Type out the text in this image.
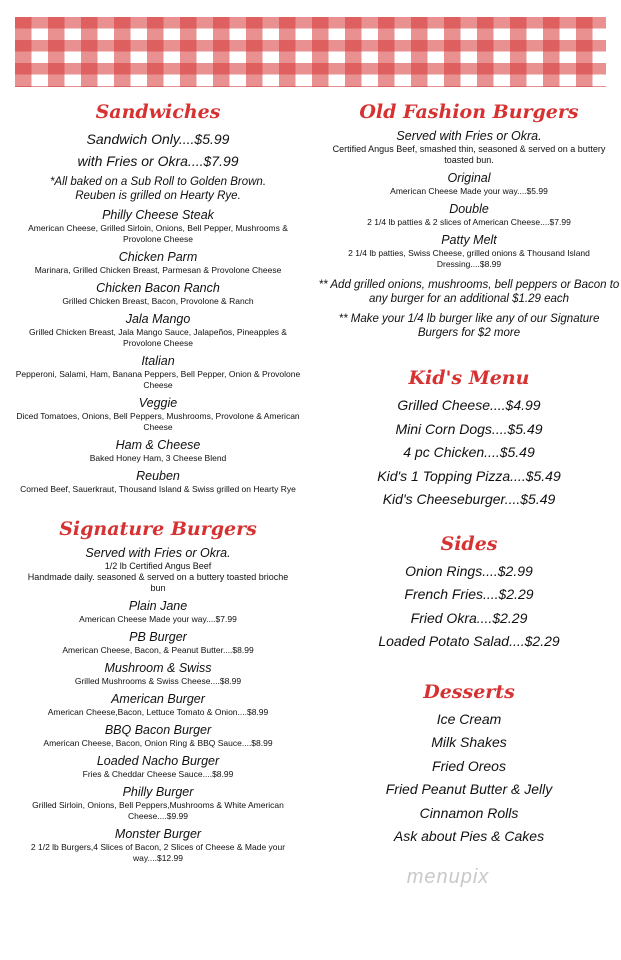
Sandwiches
Sandwich Only....$5.99
with Fries or Okra....$7.99
*All baked on a Sub Roll to Golden Brown.
Reuben is grilled on Hearty Rye.
Philly Cheese Steak
American Cheese, Grilled Sirloin, Onions, Bell Pepper, Mushrooms & Provolone Cheese
Chicken Parm
Marinara, Grilled Chicken Breast, Parmesan & Provolone Cheese
Chicken Bacon Ranch
Grilled Chicken Breast, Bacon, Provolone & Ranch
Jala Mango
Grilled Chicken Breast, Jala Mango Sauce, Jalapeños, Pineapples & Provolone Cheese
Italian
Pepperoni, Salami, Ham, Banana Peppers, Bell Pepper, Onion & Provolone Cheese
Veggie
Diced Tomatoes, Onions, Bell Peppers, Mushrooms, Provolone & American Cheese
Ham & Cheese
Baked Honey Ham, 3 Cheese Blend
Reuben
Corned Beef, Sauerkraut, Thousand Island & Swiss grilled on Hearty Rye
Signature Burgers
Served with Fries or Okra.
1/2 lb Certified Angus Beef
Handmade daily. seasoned & served on a buttery toasted brioche bun
Plain Jane
American Cheese Made your way....$7.99
PB Burger
American Cheese, Bacon, & Peanut Butter....$8.99
Mushroom & Swiss
Grilled Mushrooms & Swiss Cheese....$8.99
American Burger
American Cheese,Bacon, Lettuce Tomato & Onion....$8.99
BBQ Bacon Burger
American Cheese, Bacon, Onion Ring & BBQ Sauce....$8.99
Loaded Nacho Burger
Fries & Cheddar Cheese Sauce....$8.99
Philly Burger
Grilled Sirloin, Onions, Bell Peppers,Mushrooms & White American Cheese....$9.99
Monster Burger
2 1/2 lb Burgers,4 Slices of Bacon, 2 Slices of Cheese & Made your way....$12.99
Old Fashion Burgers
Served with Fries or Okra.
Certified Angus Beef, smashed thin, seasoned & served on a buttery toasted bun.
Original
American Cheese Made your way....$5.99
Double
2 1/4 lb patties & 2 slices of American Cheese....$7.99
Patty Melt
2 1/4 lb patties, Swiss Cheese, grilled onions & Thousand Island Dressing....$8.99
** Add grilled onions, mushrooms, bell peppers or Bacon to any burger for an additional $1.29 each
** Make your 1/4 lb burger like any of our Signature Burgers for $2 more
Kid's Menu
Grilled Cheese....$4.99
Mini Corn Dogs....$5.49
4 pc Chicken....$5.49
Kid's 1 Topping Pizza....$5.49
Kid's Cheeseburger....$5.49
Sides
Onion Rings....$2.99
French Fries....$2.29
Fried Okra....$2.29
Loaded Potato Salad....$2.29
Desserts
Ice Cream
Milk Shakes
Fried Oreos
Fried Peanut Butter & Jelly
Cinnamon Rolls
Ask about Pies & Cakes
menupix
